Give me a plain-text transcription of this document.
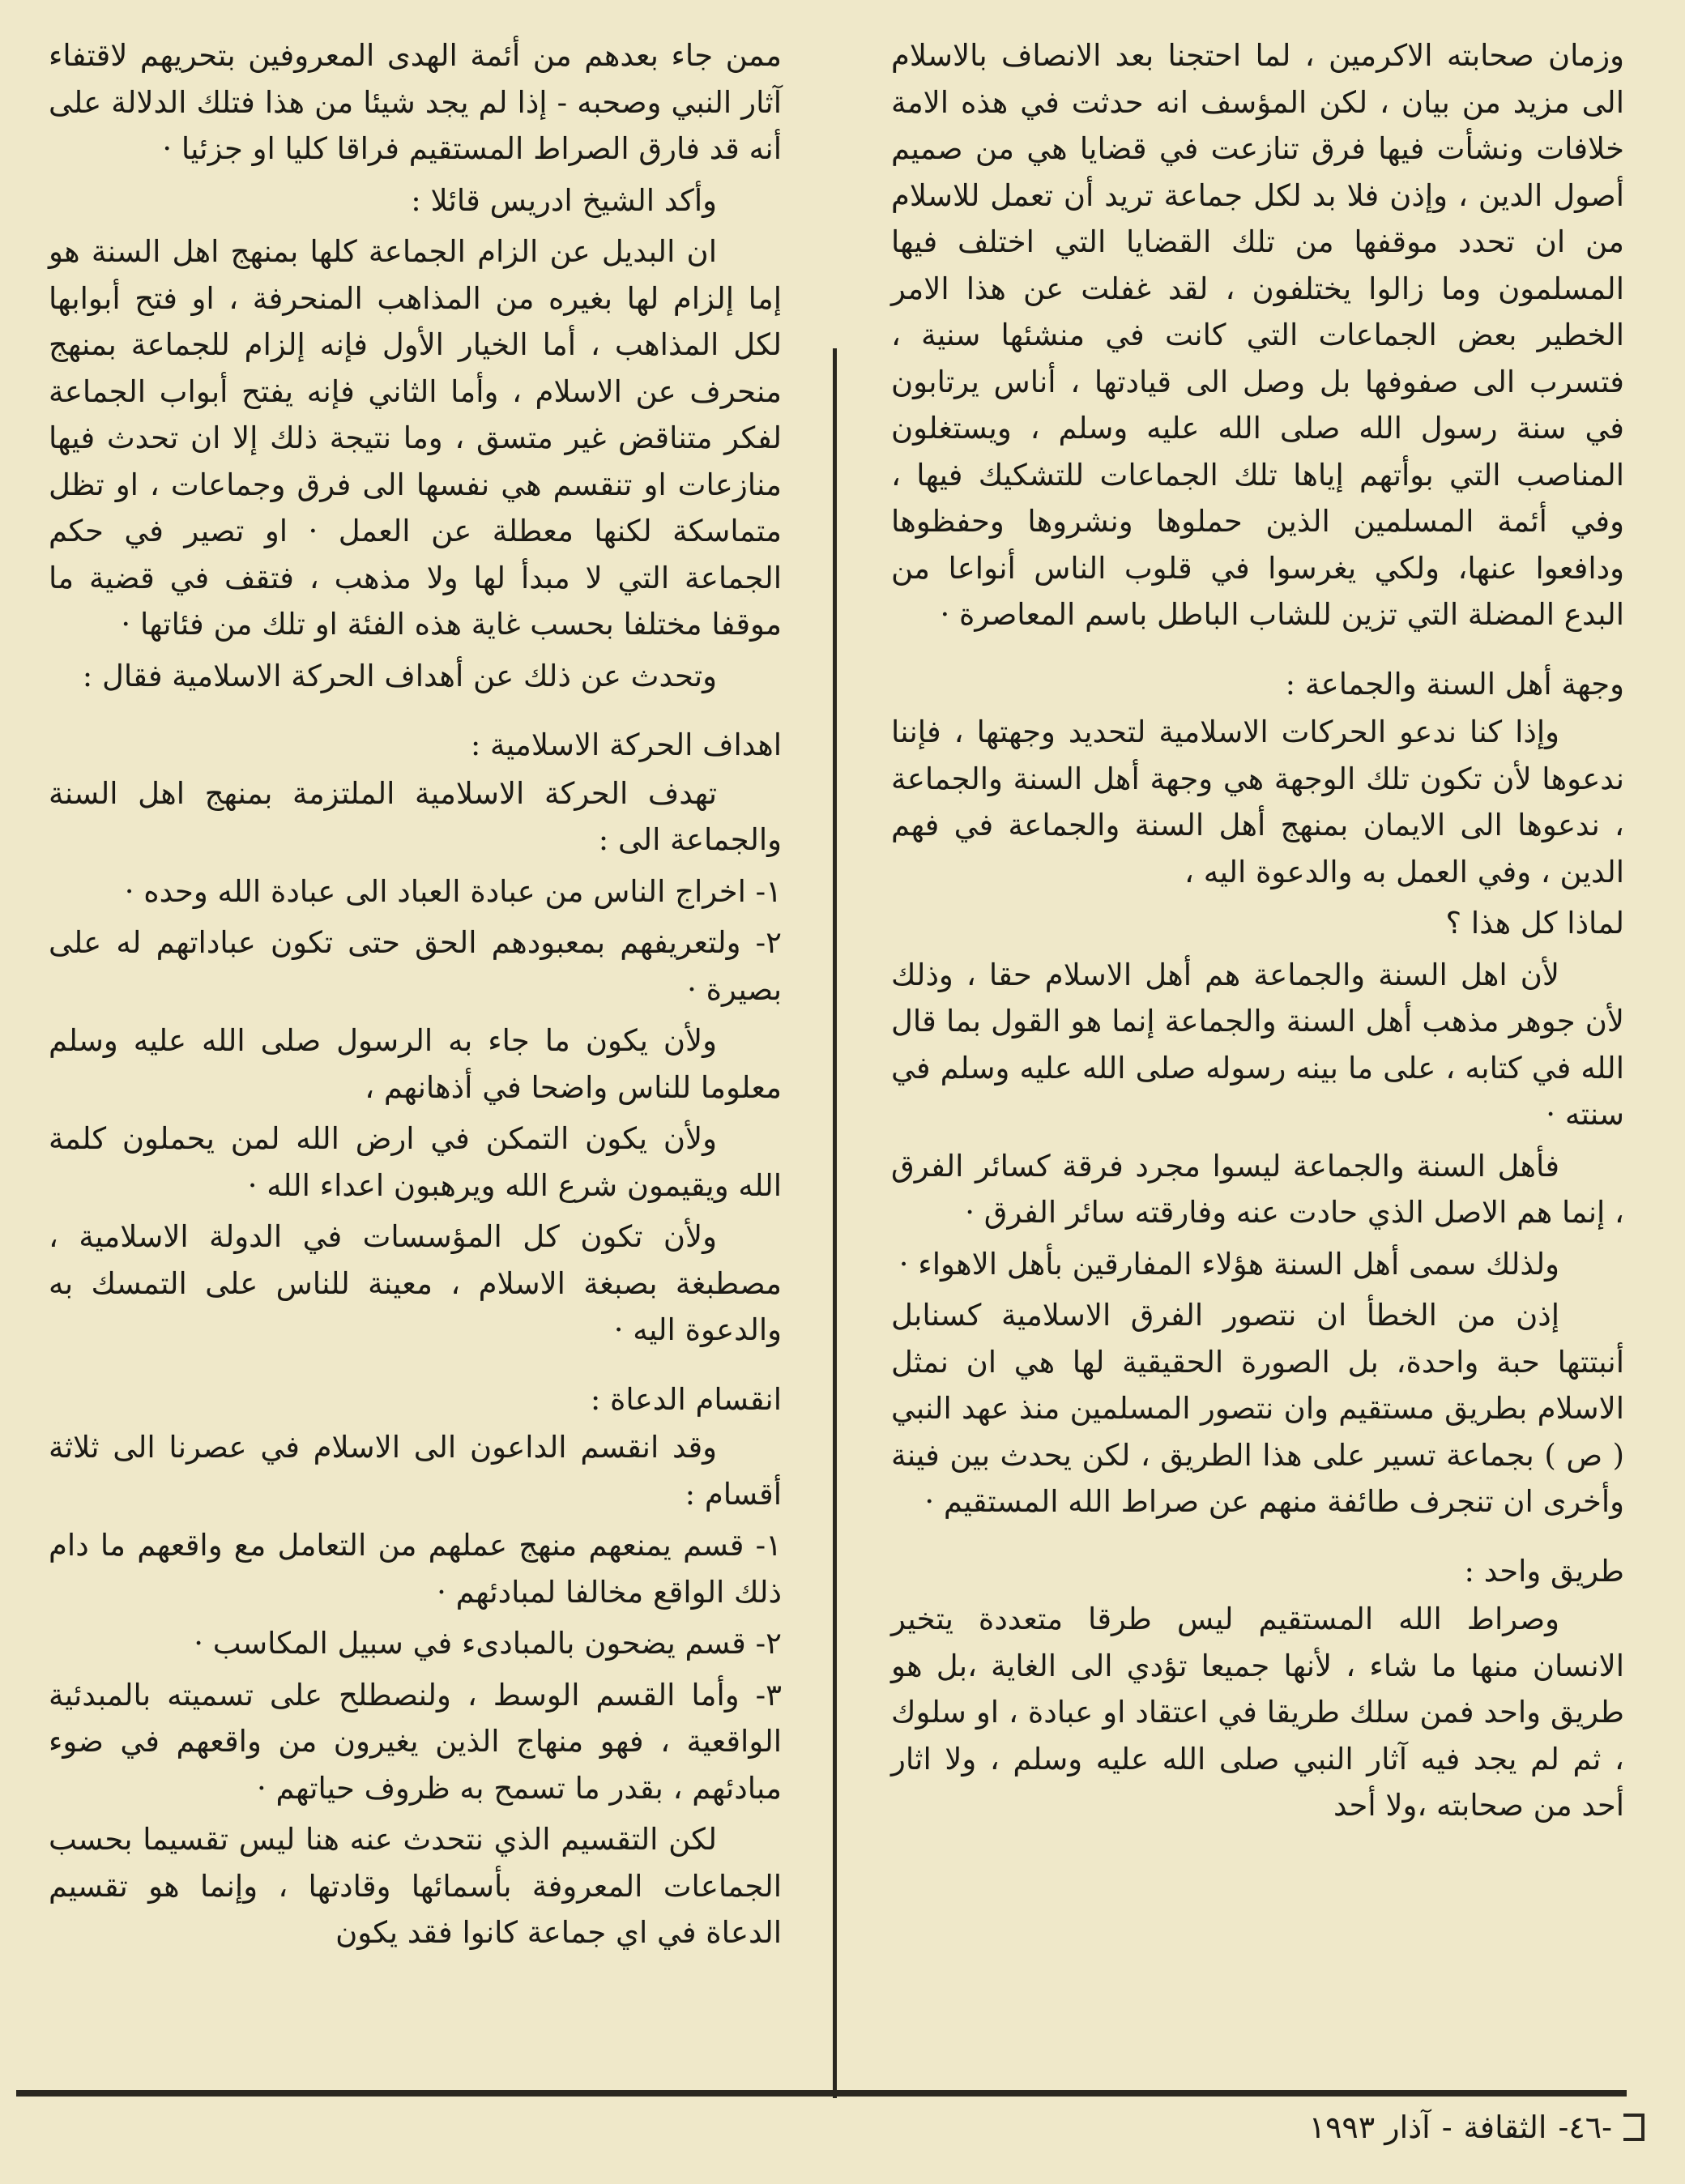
وزمان صحابته الاكرمين ، لما احتجنا بعد الانصاف بالاسلام الى مزيد من بيان ، لكن المؤسف انه حدثت في هذه الامة خلافات ونشأت فيها فرق تنازعت في قضايا هي من صميم أصول الدين ، وإذن فلا بد لكل جماعة تريد أن تعمل للاسلام من ان تحدد موقفها من تلك القضايا التي اختلف فيها المسلمون وما زالوا يختلفون ، لقد غفلت عن هذا الامر الخطير بعض الجماعات التي كانت في منشئها سنية ، فتسرب الى صفوفها بل وصل الى قيادتها ، أناس يرتابون في سنة رسول الله صلى الله عليه وسلم ، ويستغلون المناصب التي بوأتهم إياها تلك الجماعات للتشكيك فيها ، وفي أئمة المسلمين الذين حملوها ونشروها وحفظوها ودافعوا عنها، ولكي يغرسوا في قلوب الناس أنواعا من البدع المضلة التي تزين للشاب الباطل باسم المعاصرة ·

وجهة أهل السنة والجماعة :

وإذا كنا ندعو الحركات الاسلامية لتحديد وجهتها ، فإننا ندعوها لأن تكون تلك الوجهة هي وجهة أهل السنة والجماعة ، ندعوها الى الايمان بمنهج أهل السنة والجماعة في فهم الدين ، وفي العمل به والدعوة اليه ،

لماذا كل هذا ؟

لأن اهل السنة والجماعة هم أهل الاسلام حقا ، وذلك لأن جوهر مذهب أهل السنة والجماعة إنما هو القول بما قال الله في كتابه ، على ما بينه رسوله صلى الله عليه وسلم في سنته ·

فأهل السنة والجماعة ليسوا مجرد فرقة كسائر الفرق ، إنما هم الاصل الذي حادت عنه وفارقته سائر الفرق ·

ولذلك سمى أهل السنة هؤلاء المفارقين بأهل الاهواء ·

إذن من الخطأ ان نتصور الفرق الاسلامية كسنابل أنبتتها حبة واحدة، بل الصورة الحقيقية لها هي ان نمثل الاسلام بطريق مستقيم وان نتصور المسلمين منذ عهد النبي ( ص ) بجماعة تسير على هذا الطريق ، لكن يحدث بين فينة وأخرى ان تنجرف طائفة منهم عن صراط الله المستقيم ·

طريق واحد :

وصراط الله المستقيم ليس طرقا متعددة يتخير الانسان منها ما شاء ، لأنها جميعا تؤدي الى الغاية ،بل هو طريق واحد فمن سلك طريقا في اعتقاد او عبادة ، او سلوك ، ثم لم يجد فيه آثار النبي صلى الله عليه وسلم ، ولا اثار أحد من صحابته ،ولا أحد

ممن جاء بعدهم من أئمة الهدى المعروفين بتحريهم لاقتفاء آثار النبي وصحبه - إذا لم يجد شيئا من هذا فتلك الدلالة على أنه قد فارق الصراط المستقيم فراقا كليا او جزئيا ·

وأكد الشيخ ادريس قائلا :

ان البديل عن الزام الجماعة كلها بمنهج اهل السنة هو إما إلزام لها بغيره من المذاهب المنحرفة ، او فتح أبوابها لكل المذاهب ، أما الخيار الأول فإنه إلزام للجماعة بمنهج منحرف عن الاسلام ، وأما الثاني فإنه يفتح أبواب الجماعة لفكر متناقض غير متسق ، وما نتيجة ذلك إلا ان تحدث فيها منازعات او تنقسم هي نفسها الى فرق وجماعات ، او تظل متماسكة لكنها معطلة عن العمل · او تصير في حكم الجماعة التي لا مبدأ لها ولا مذهب ، فتقف في قضية ما موقفا مختلفا بحسب غاية هذه الفئة او تلك من فئاتها ·

وتحدث عن ذلك عن أهداف الحركة الاسلامية فقال :

اهداف الحركة الاسلامية :

تهدف الحركة الاسلامية الملتزمة بمنهج اهل السنة والجماعة الى :

١- اخراج الناس من عبادة العباد الى عبادة الله وحده ·

٢- ولتعريفهم بمعبودهم الحق حتى تكون عباداتهم له على بصيرة ·

ولأن يكون ما جاء به الرسول صلى الله عليه وسلم معلوما للناس واضحا في أذهانهم ،

ولأن يكون التمكن في ارض الله لمن يحملون كلمة الله ويقيمون شرع الله ويرهبون اعداء الله ·

ولأن تكون كل المؤسسات في الدولة الاسلامية ، مصطبغة بصبغة الاسلام ، معينة للناس على التمسك به والدعوة اليه ·

انقسام الدعاة :

وقد انقسم الداعون الى الاسلام في عصرنا الى ثلاثة أقسام :

١- قسم يمنعهم منهج عملهم من التعامل مع واقعهم ما دام ذلك الواقع مخالفا لمبادئهم ·

٢- قسم يضحون بالمبادىء في سبيل المكاسب ·

٣- وأما القسم الوسط ، ولنصطلح على تسميته بالمبدئية الواقعية ، فهو منهاج الذين يغيرون من واقعهم في ضوء مبادئهم ، بقدر ما تسمح به ظروف حياتهم ·

لكن التقسيم الذي نتحدث عنه هنا ليس تقسيما بحسب الجماعات المعروفة بأسمائها وقادتها ، وإنما هو تقسيم الدعاة في اي جماعة كانوا فقد يكون

-٤٦-
الثقافة
-
آذار ١٩٩٣
